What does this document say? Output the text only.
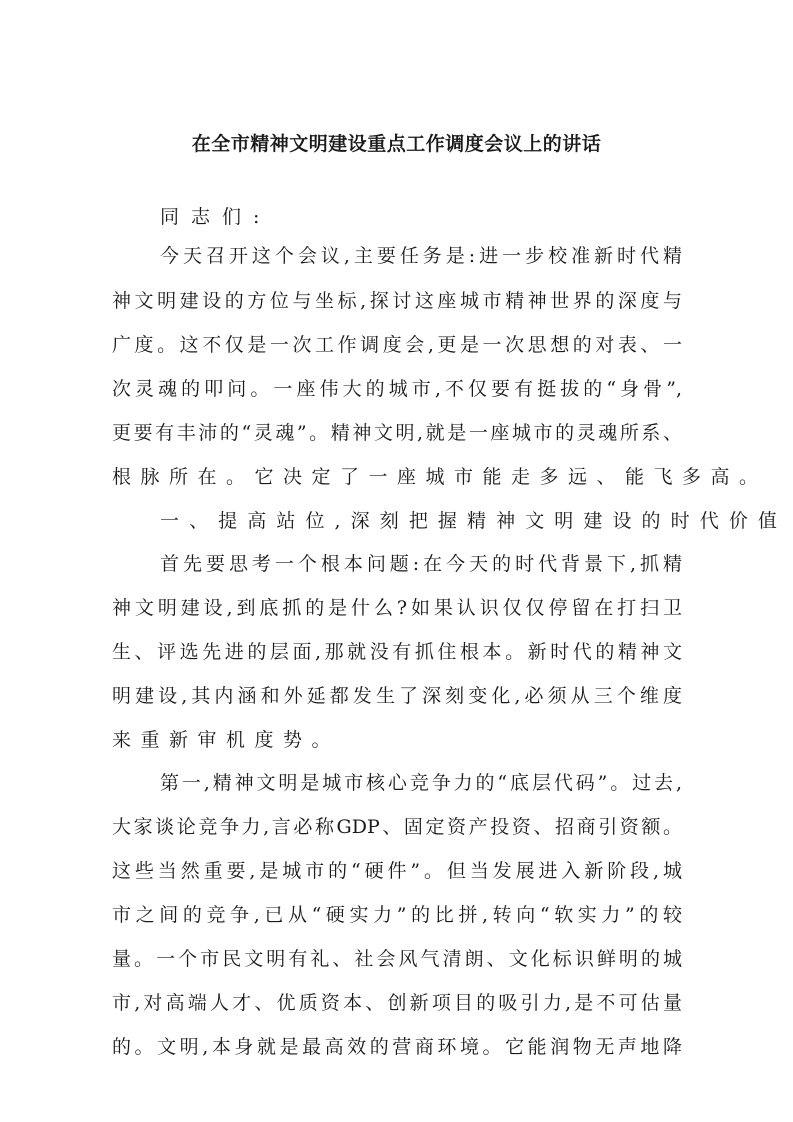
在全市精神文明建设重点工作调度会议上的讲话
同志们:
今天召开这个会议,主要任务是:进一步校准新时代精
神文明建设的方位与坐标,探讨这座城市精神世界的深度与
广度。这不仅是一次工作调度会,更是一次思想的对表、一
次灵魂的叩问。一座伟大的城市,不仅要有挺拔的“身骨”,
更要有丰沛的“灵魂”。精神文明,就是一座城市的灵魂所系、
根脉所在。它决定了一座城市能走多远、能飞多高。
一、提高站位,深刻把握精神文明建设的时代价值
首先要思考一个根本问题:在今天的时代背景下,抓精
神文明建设,到底抓的是什么?如果认识仅仅停留在打扫卫
生、评选先进的层面,那就没有抓住根本。新时代的精神文
明建设,其内涵和外延都发生了深刻变化,必须从三个维度
来重新审机度势。
第一,精神文明是城市核心竞争力的“底层代码”。过去,
大家谈论竞争力,言必称GDP、固定资产投资、招商引资额。
这些当然重要,是城市的“硬件”。但当发展进入新阶段,城
市之间的竞争,已从“硬实力”的比拼,转向“软实力”的较
量。一个市民文明有礼、社会风气清朗、文化标识鲜明的城
市,对高端人才、优质资本、创新项目的吸引力,是不可估量
的。文明,本身就是最高效的营商环境。它能润物无声地降
